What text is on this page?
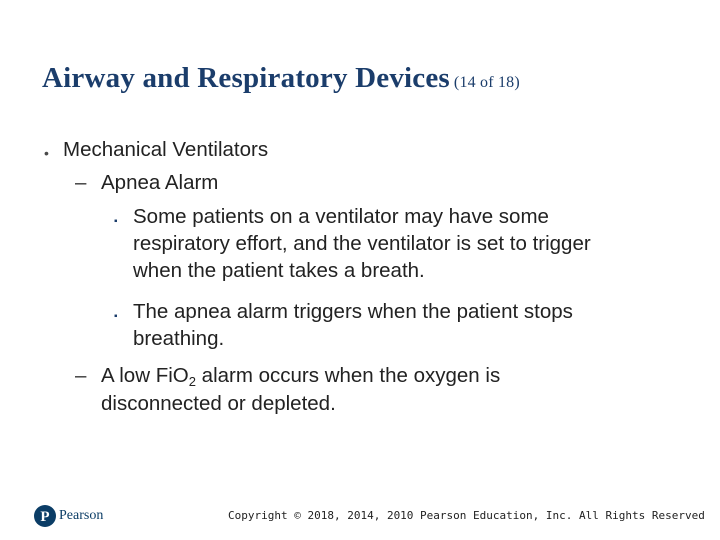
Airway and Respiratory Devices (14 of 18)
• Mechanical Ventilators
– Apnea Alarm
▪ Some patients on a ventilator may have some
respiratory effort, and the ventilator is set to trigger
when the patient takes a breath.
▪ The apnea alarm triggers when the patient stops
breathing.
– A low FiO$_2$ alarm occurs when the oxygen is
disconnected or depleted.
P Pearson	Copyright © 2018, 2014, 2010 Pearson Education, Inc. All Rights Reserved
